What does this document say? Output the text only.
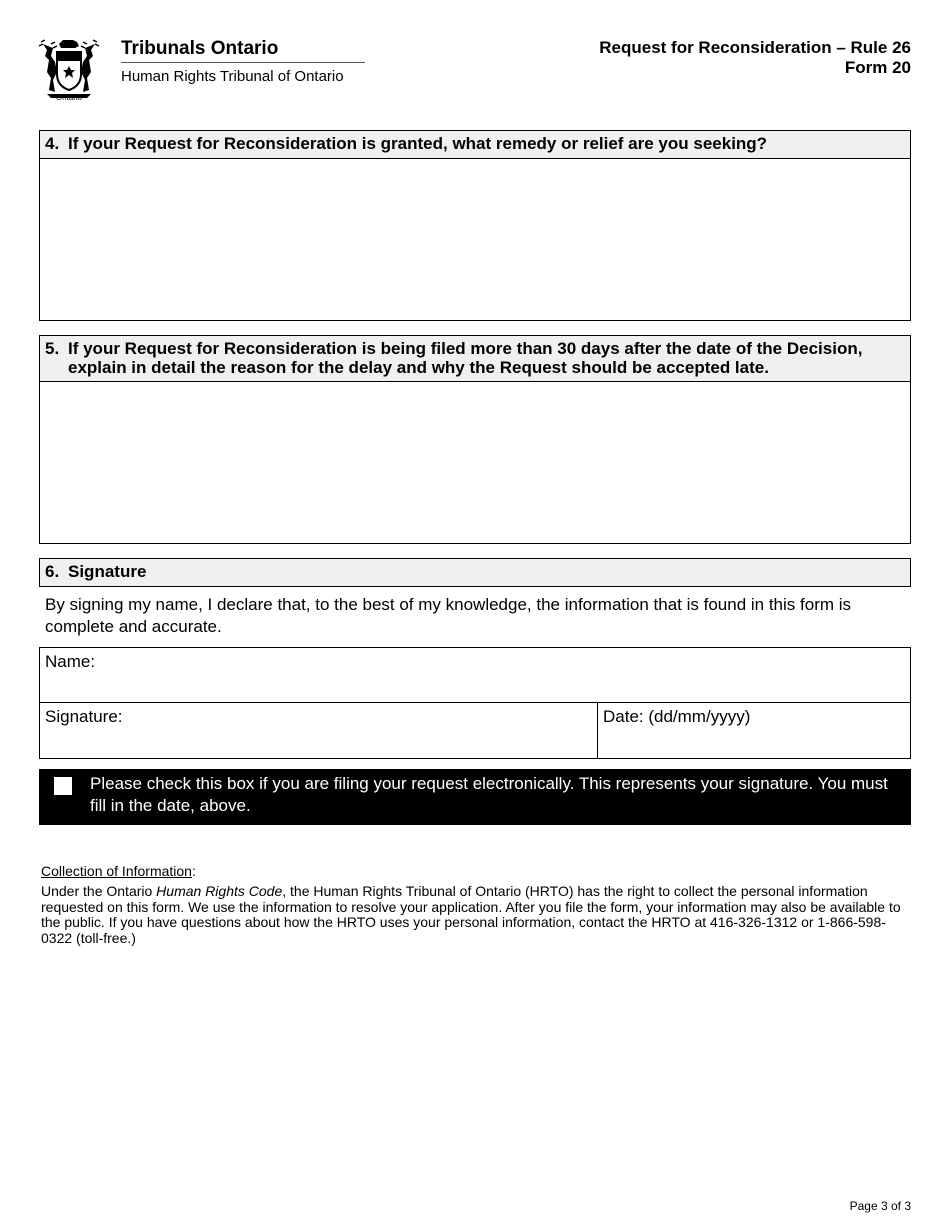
Ontario
Tribunals Ontario
Human Rights Tribunal of Ontario
Request for Reconsideration – Rule 26
Form 20
4. If your Request for Reconsideration is granted, what remedy or relief are you seeking?
5. If your Request for Reconsideration is being filed more than 30 days after the date of the Decision, explain in detail the reason for the delay and why the Request should be accepted late.
6. Signature
By signing my name, I declare that, to the best of my knowledge, the information that is found in this form is complete and accurate.
Name:
Signature:	Date: (dd/mm/yyyy)
Please check this box if you are filing your request electronically. This represents your signature. You must fill in the date, above.
Collection of Information:
Under the Ontario Human Rights Code, the Human Rights Tribunal of Ontario (HRTO) has the right to collect the personal information requested on this form. We use the information to resolve your application. After you file the form, your information may also be available to the public. If you have questions about how the HRTO uses your personal information, contact the HRTO at 416-326-1312 or 1-866-598-0322 (toll-free.)
Page 3 of 3
